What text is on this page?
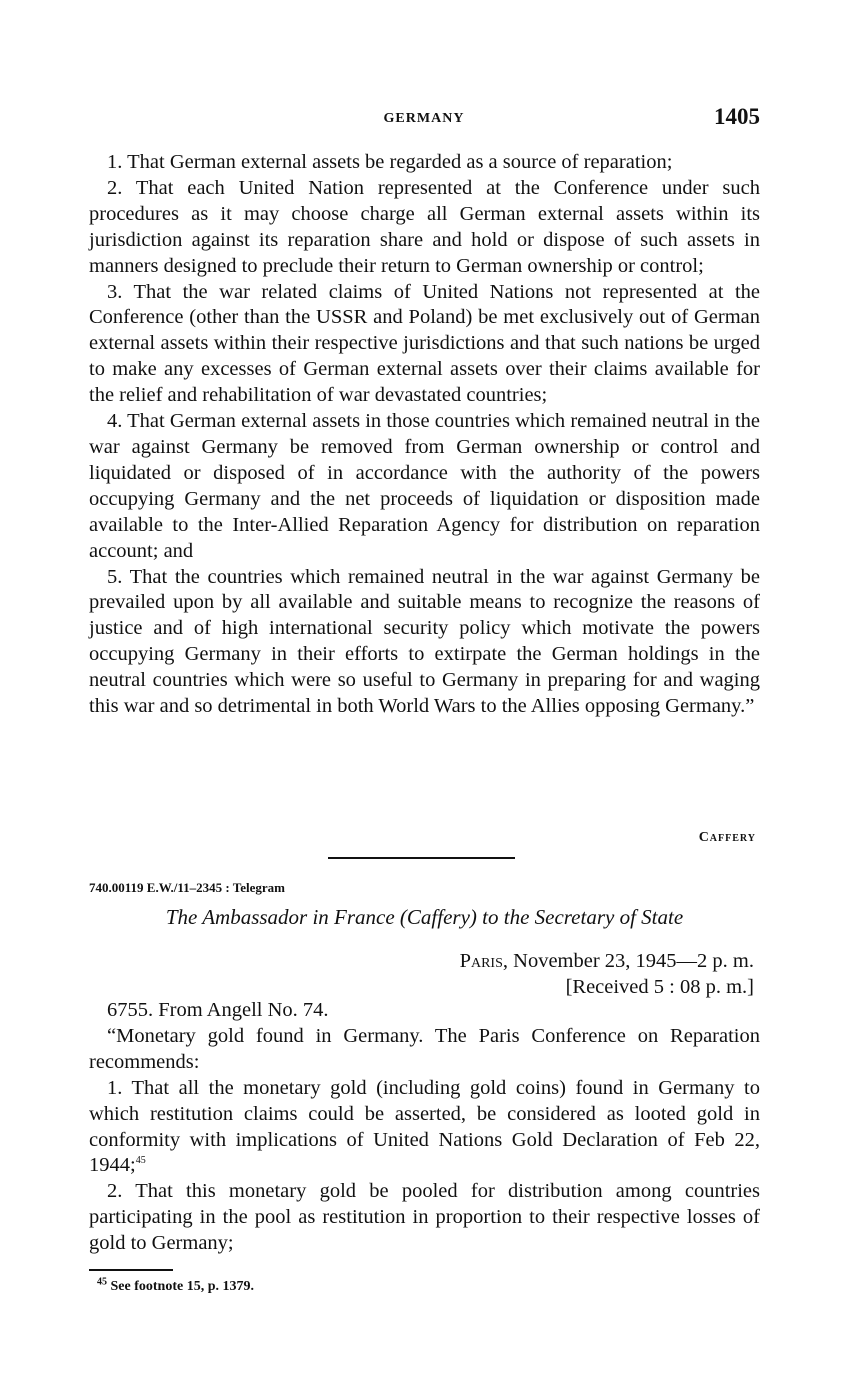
GERMANY	1405

1. That German external assets be regarded as a source of reparation;

2. That each United Nation represented at the Conference under such procedures as it may choose charge all German external assets within its jurisdiction against its reparation share and hold or dispose of such assets in manners designed to preclude their return to German ownership or control;

3. That the war related claims of United Nations not represented at the Conference (other than the USSR and Poland) be met exclusively out of German external assets within their respective jurisdictions and that such nations be urged to make any excesses of German external assets over their claims available for the relief and rehabilitation of war devastated countries;

4. That German external assets in those countries which remained neutral in the war against Germany be removed from German ownership or control and liquidated or disposed of in accordance with the authority of the powers occupying Germany and the net proceeds of liquidation or disposition made available to the Inter-Allied Reparation Agency for distribution on reparation account; and

5. That the countries which remained neutral in the war against Germany be prevailed upon by all available and suitable means to recognize the reasons of justice and of high international security policy which motivate the powers occupying Germany in their efforts to extirpate the German holdings in the neutral countries which were so useful to Germany in preparing for and waging this war and so detrimental in both World Wars to the Allies opposing Germany.”

Caffery
740.00119 E.W./11–2345 : Telegram
The Ambassador in France (Caffery) to the Secretary of State
Paris, November 23, 1945—2 p. m.
[Received 5 : 08 p. m.]

6755. From Angell No. 74.

“Monetary gold found in Germany. The Paris Conference on Reparation recommends:

1. That all the monetary gold (including gold coins) found in Germany to which restitution claims could be asserted, be considered as looted gold in conformity with implications of United Nations Gold Declaration of Feb 22, 1944;$^{45}$

2. That this monetary gold be pooled for distribution among countries participating in the pool as restitution in proportion to their respective losses of gold to Germany;

$^{45}$ See footnote 15, p. 1379.
